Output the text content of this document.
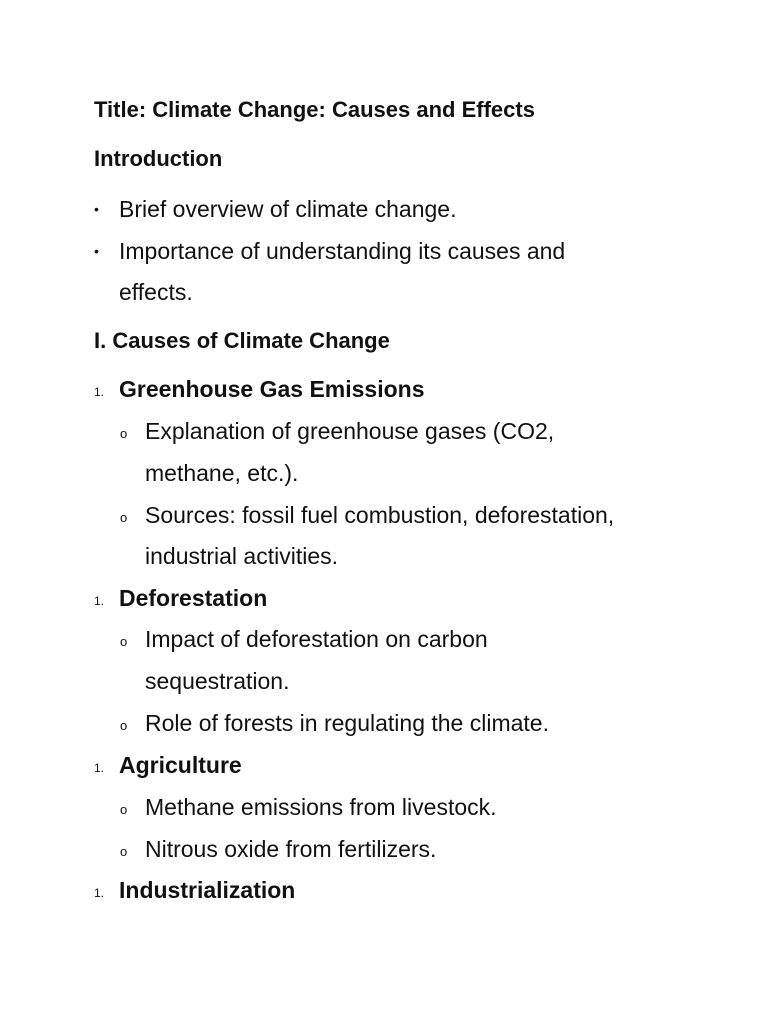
Title: Climate Change: Causes and Effects
Introduction
• Brief overview of climate change.
• Importance of understanding its causes and
effects.
I. Causes of Climate Change
1. Greenhouse Gas Emissions
o Explanation of greenhouse gases (CO2,
methane, etc.).
o Sources: fossil fuel combustion, deforestation,
industrial activities.
1. Deforestation
o Impact of deforestation on carbon
sequestration.
o Role of forests in regulating the climate.
1. Agriculture
o Methane emissions from livestock.
o Nitrous oxide from fertilizers.
1. Industrialization
